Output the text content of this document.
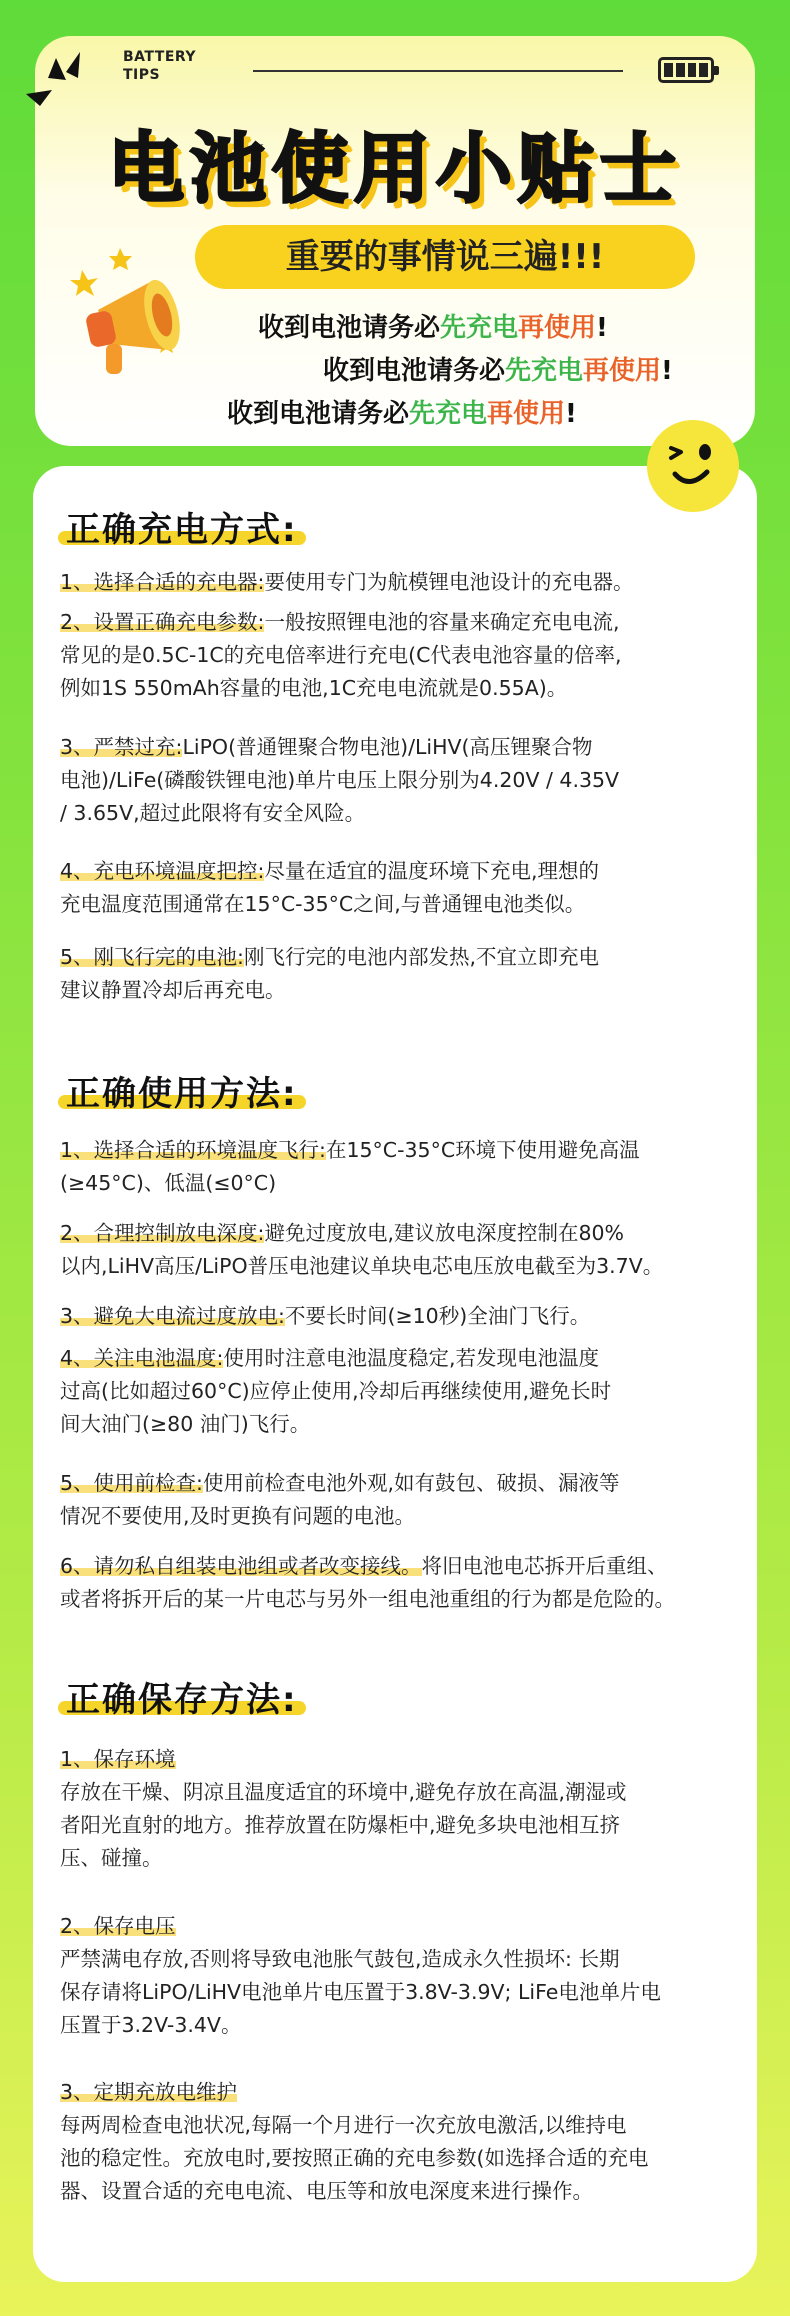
BATTERY
TIPS
电池使用小贴士
重要的事情说三遍!!!
收到电池请务必先充电再使用!
收到电池请务必先充电再使用!
收到电池请务必先充电再使用!
正确充电方式:
1、选择合适的充电器:要使用专门为航模锂电池设计的充电器。
2、设置正确充电参数:一般按照锂电池的容量来确定充电电流,
常见的是0.5C-1C的充电倍率进行充电(C代表电池容量的倍率,
例如1S 550mAh容量的电池,1C充电电流就是0.55A)。
3、严禁过充:LiPO(普通锂聚合物电池)/LiHV(高压锂聚合物
电池)/LiFe(磷酸铁锂电池)单片电压上限分别为4.20V / 4.35V
/ 3.65V,超过此限将有安全风险。
4、充电环境温度把控:尽量在适宜的温度环境下充电,理想的
充电温度范围通常在15°C-35°C之间,与普通锂电池类似。
5、刚飞行完的电池:刚飞行完的电池内部发热,不宜立即充电
建议静置冷却后再充电。
正确使用方法:
1、选择合适的环境温度飞行:在15°C-35°C环境下使用避免高温
(≥45°C)、低温(≤0°C)
2、合理控制放电深度:避免过度放电,建议放电深度控制在80%
以内,LiHV高压/LiPO普压电池建议单块电芯电压放电截至为3.7V。
3、避免大电流过度放电:不要长时间(≥10秒)全油门飞行。
4、关注电池温度:使用时注意电池温度稳定,若发现电池温度
过高(比如超过60°C)应停止使用,冷却后再继续使用,避免长时
间大油门(≥80 油门)飞行。
5、使用前检查:使用前检查电池外观,如有鼓包、破损、漏液等
情况不要使用,及时更换有问题的电池。
6、请勿私自组装电池组或者改变接线。将旧电池电芯拆开后重组、
或者将拆开后的某一片电芯与另外一组电池重组的行为都是危险的。
正确保存方法:
1、保存环境
存放在干燥、阴凉且温度适宜的环境中,避免存放在高温,潮湿或
者阳光直射的地方。推荐放置在防爆柜中,避免多块电池相互挤
压、碰撞。
2、保存电压
严禁满电存放,否则将导致电池胀气鼓包,造成永久性损坏: 长期
保存请将LiPO/LiHV电池单片电压置于3.8V-3.9V; LiFe电池单片电
压置于3.2V-3.4V。
3、定期充放电维护
每两周检查电池状况,每隔一个月进行一次充放电激活,以维持电
池的稳定性。充放电时,要按照正确的充电参数(如选择合适的充电
器、设置合适的充电电流、电压等和放电深度来进行操作。
